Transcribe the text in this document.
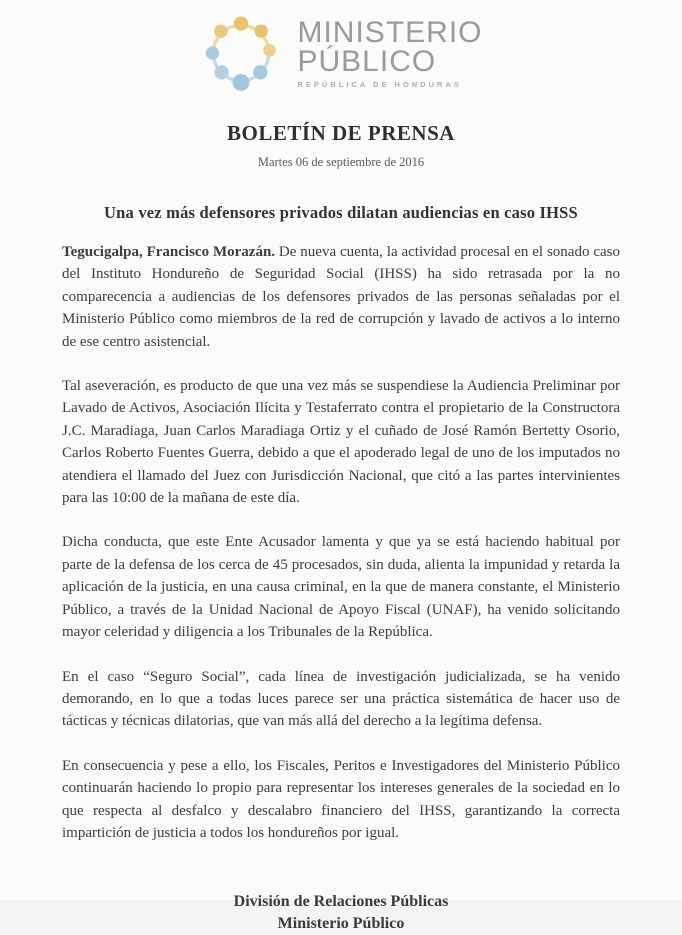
MINISTERIO
PÚBLICO
REPÚBLICA DE HONDURAS
BOLETÍN DE PRENSA
Martes 06 de septiembre de 2016
Una vez más defensores privados dilatan audiencias en caso IHSS

Tegucigalpa, Francisco Morazán. De nueva cuenta, la actividad procesal en el sonado caso del Instituto Hondureño de Seguridad Social (IHSS) ha sido retrasada por la no comparecencia a audiencias de los defensores privados de las personas señaladas por el Ministerio Público como miembros de la red de corrupción y lavado de activos a lo interno de ese centro asistencial.

Tal aseveración, es producto de que una vez más se suspendiese la Audiencia Preliminar por Lavado de Activos, Asociación Ilícita y Testaferrato contra el propietario de la Constructora J.C. Maradiaga, Juan Carlos Maradiaga Ortiz y el cuñado de José Ramón Bertetty Osorio, Carlos Roberto Fuentes Guerra, debido a que el apoderado legal de uno de los imputados no atendiera el llamado del Juez con Jurisdicción Nacional, que citó a las partes intervinientes para las 10:00 de la mañana de este día.

Dicha conducta, que este Ente Acusador lamenta y que ya se está haciendo habitual por parte de la defensa de los cerca de 45 procesados, sin duda, alienta la impunidad y retarda la aplicación de la justicia, en una causa criminal, en la que de manera constante, el Ministerio Público, a través de la Unidad Nacional de Apoyo Fiscal (UNAF), ha venido solicitando mayor celeridad y diligencia a los Tribunales de la República.

En el caso “Seguro Social”, cada línea de investigación judicializada, se ha venido demorando, en lo que a todas luces parece ser una práctica sistemática de hacer uso de tácticas y técnicas dilatorias, que van más allá del derecho a la legítima defensa.

En consecuencia y pese a ello, los Fiscales, Peritos e Investigadores del Ministerio Público continuarán haciendo lo propio para representar los intereses generales de la sociedad en lo que respecta al desfalco y descalabro financiero del IHSS, garantizando la correcta impartición de justicia a todos los hondureños por igual.

División de Relaciones Públicas
Ministerio Público
